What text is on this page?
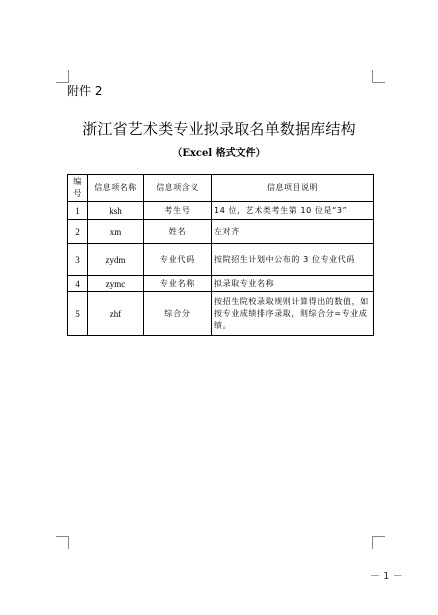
附件 2
浙江省艺术类专业拟录取名单数据库结构
（Excel 格式文件）
编号	信息项名称	信息项含义	信息项目说明
1	ksh	考生号	14 位，艺术类考生第 10 位是“3”
2	xm	姓名	左对齐
3	zydm	专业代码	按院招生计划中公布的 3 位专业代码
4	zymc	专业名称	拟录取专业名称
5	zhf	综合分	按招生院校录取规则计算得出的数值，如按专业成绩排序录取，则综合分=专业成绩。
－ 1 －
